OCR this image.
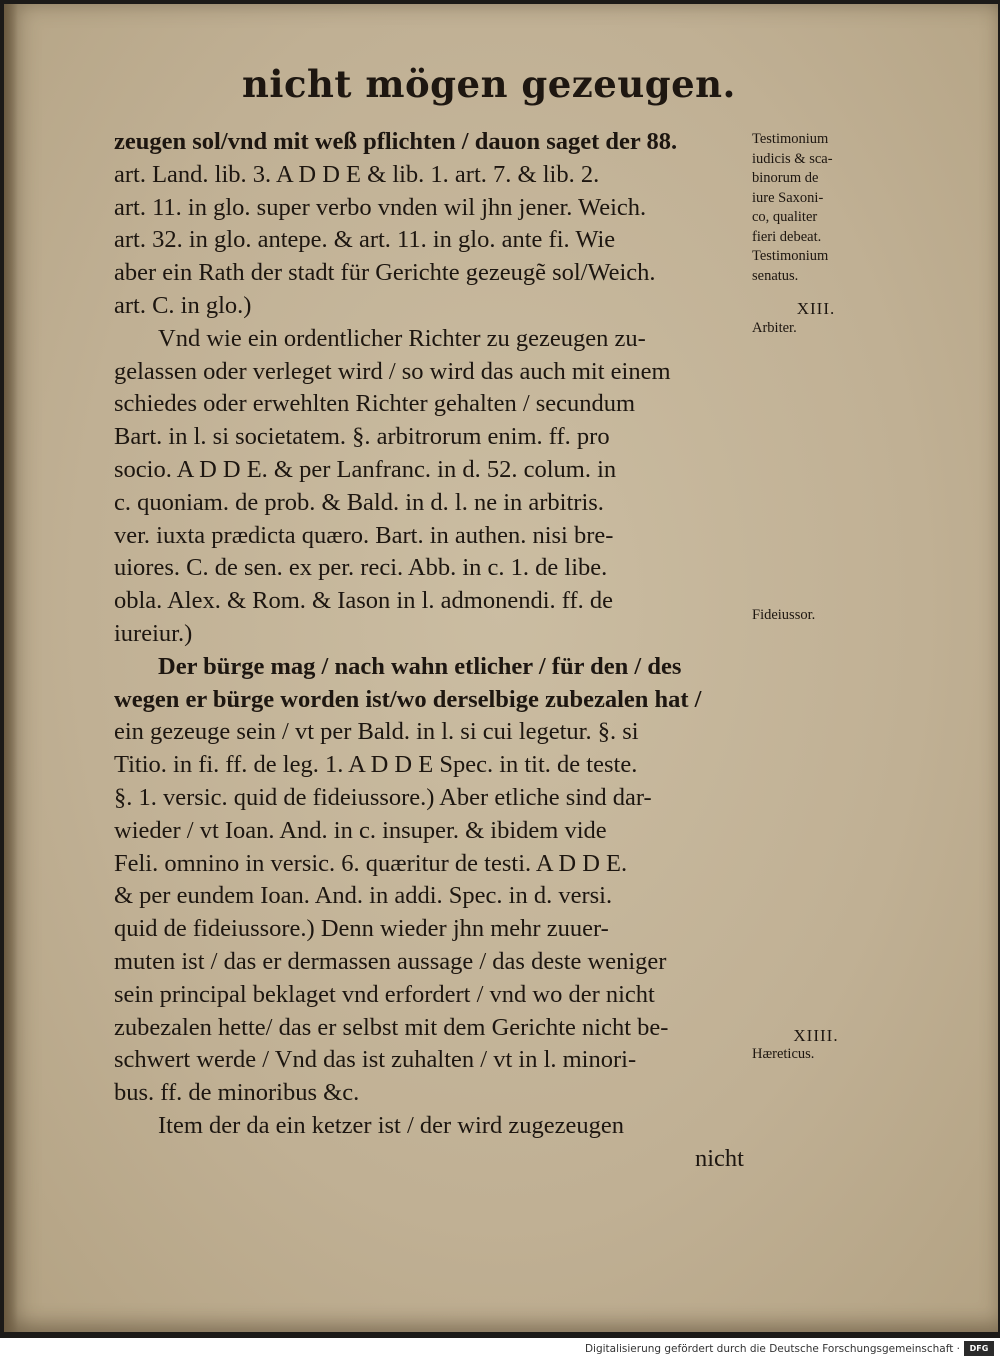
nicht mögen gezeugen.
zeugen sol/vnd mit weß pflichten / dauon saget der 88.
art. Land. lib. 3. A D D E & lib. 1. art. 7. & lib. 2.
art. 11. in glo. super verbo vnden wil jhn jener. Weich.
art. 32. in glo. antepe. & art. 11. in glo. ante fi. Wie
aber ein Rath der stadt für Gerichte gezeugẽ sol/Weich.
art. C. in glo.)
Vnd wie ein ordentlicher Richter zu gezeugen zu-
gelassen oder verleget wird / so wird das auch mit einem
schiedes oder erwehlten Richter gehalten / secundum
Bart. in l. si societatem. §. arbitrorum enim. ff. pro
socio. A D D E. & per Lanfranc. in d. 52. colum. in
c. quoniam. de prob. & Bald. in d. l. ne in arbitris.
ver. iuxta prædicta quæro. Bart. in authen. nisi bre-
uiores. C. de sen. ex per. reci. Abb. in c. 1. de libe.
obla. Alex. & Rom. & Iason in l. admonendi. ff. de
iureiur.)
Der bürge mag / nach wahn etlicher / für den / des
wegen er bürge worden ist/wo derselbige zubezalen hat /
ein gezeuge sein / vt per Bald. in l. si cui legetur. §. si
Titio. in fi. ff. de leg. 1. A D D E Spec. in tit. de teste.
§. 1. versic. quid de fideiussore.) Aber etliche sind dar-
wieder / vt Ioan. And. in c. insuper. & ibidem vide
Feli. omnino in versic. 6. quæritur de testi. A D D E.
& per eundem Ioan. And. in addi. Spec. in d. versi.
quid de fideiussore.) Denn wieder jhn mehr zuuer-
muten ist / das er dermassen aussage / das deste weniger
sein principal beklaget vnd erfordert / vnd wo der nicht
zubezalen hette/ das er selbst mit dem Gerichte nicht be-
schwert werde / Vnd das ist zuhalten / vt in l. minori-
bus. ff. de minoribus &c.
Item der da ein ketzer ist / der wird zugezeugen
nicht
Testimonium
iudicis & sca-
binorum de
iure Saxoni-
co, qualiter
fieri debeat.
Testimonium
senatus.
XIII.
Arbiter.
Fideiussor.
XIIII.
Hæreticus.
Digitalisierung gefördert durch die Deutsche Forschungsgemeinschaft ·	DFG
